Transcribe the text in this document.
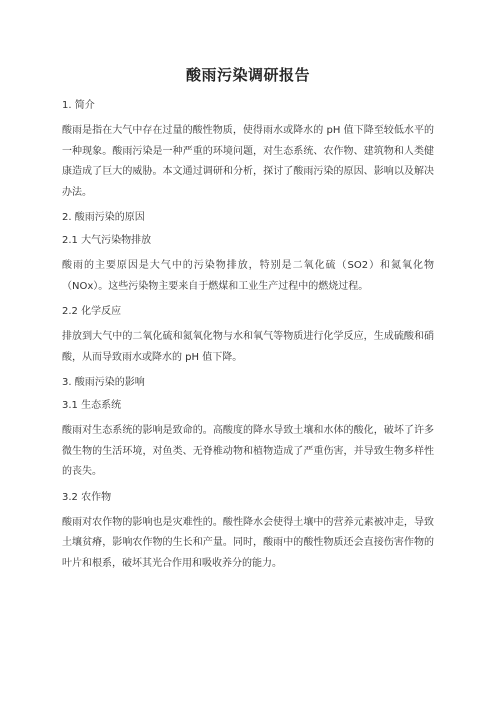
酸雨污染调研报告
1. 简介

酸雨是指在大气中存在过量的酸性物质，使得雨水或降水的 pH 值下降至较低水平的一种现象。酸雨污染是一种严重的环境问题，对生态系统、农作物、建筑物和人类健康造成了巨大的威胁。本文通过调研和分析，探讨了酸雨污染的原因、影响以及解决办法。

2. 酸雨污染的原因
2.1 大气污染物排放

酸雨的主要原因是大气中的污染物排放，特别是二氧化硫（SO2）和氮氧化物（NOx）。这些污染物主要来自于燃煤和工业生产过程中的燃烧过程。

2.2 化学反应

排放到大气中的二氧化硫和氮氧化物与水和氧气等物质进行化学反应，生成硫酸和硝酸，从而导致雨水或降水的 pH 值下降。

3. 酸雨污染的影响
3.1 生态系统

酸雨对生态系统的影响是致命的。高酸度的降水导致土壤和水体的酸化，破坏了许多微生物的生活环境，对鱼类、无脊椎动物和植物造成了严重伤害，并导致生物多样性的丧失。

3.2 农作物

酸雨对农作物的影响也是灾难性的。酸性降水会使得土壤中的营养元素被冲走，导致土壤贫瘠，影响农作物的生长和产量。同时，酸雨中的酸性物质还会直接伤害作物的叶片和根系，破坏其光合作用和吸收养分的能力。
